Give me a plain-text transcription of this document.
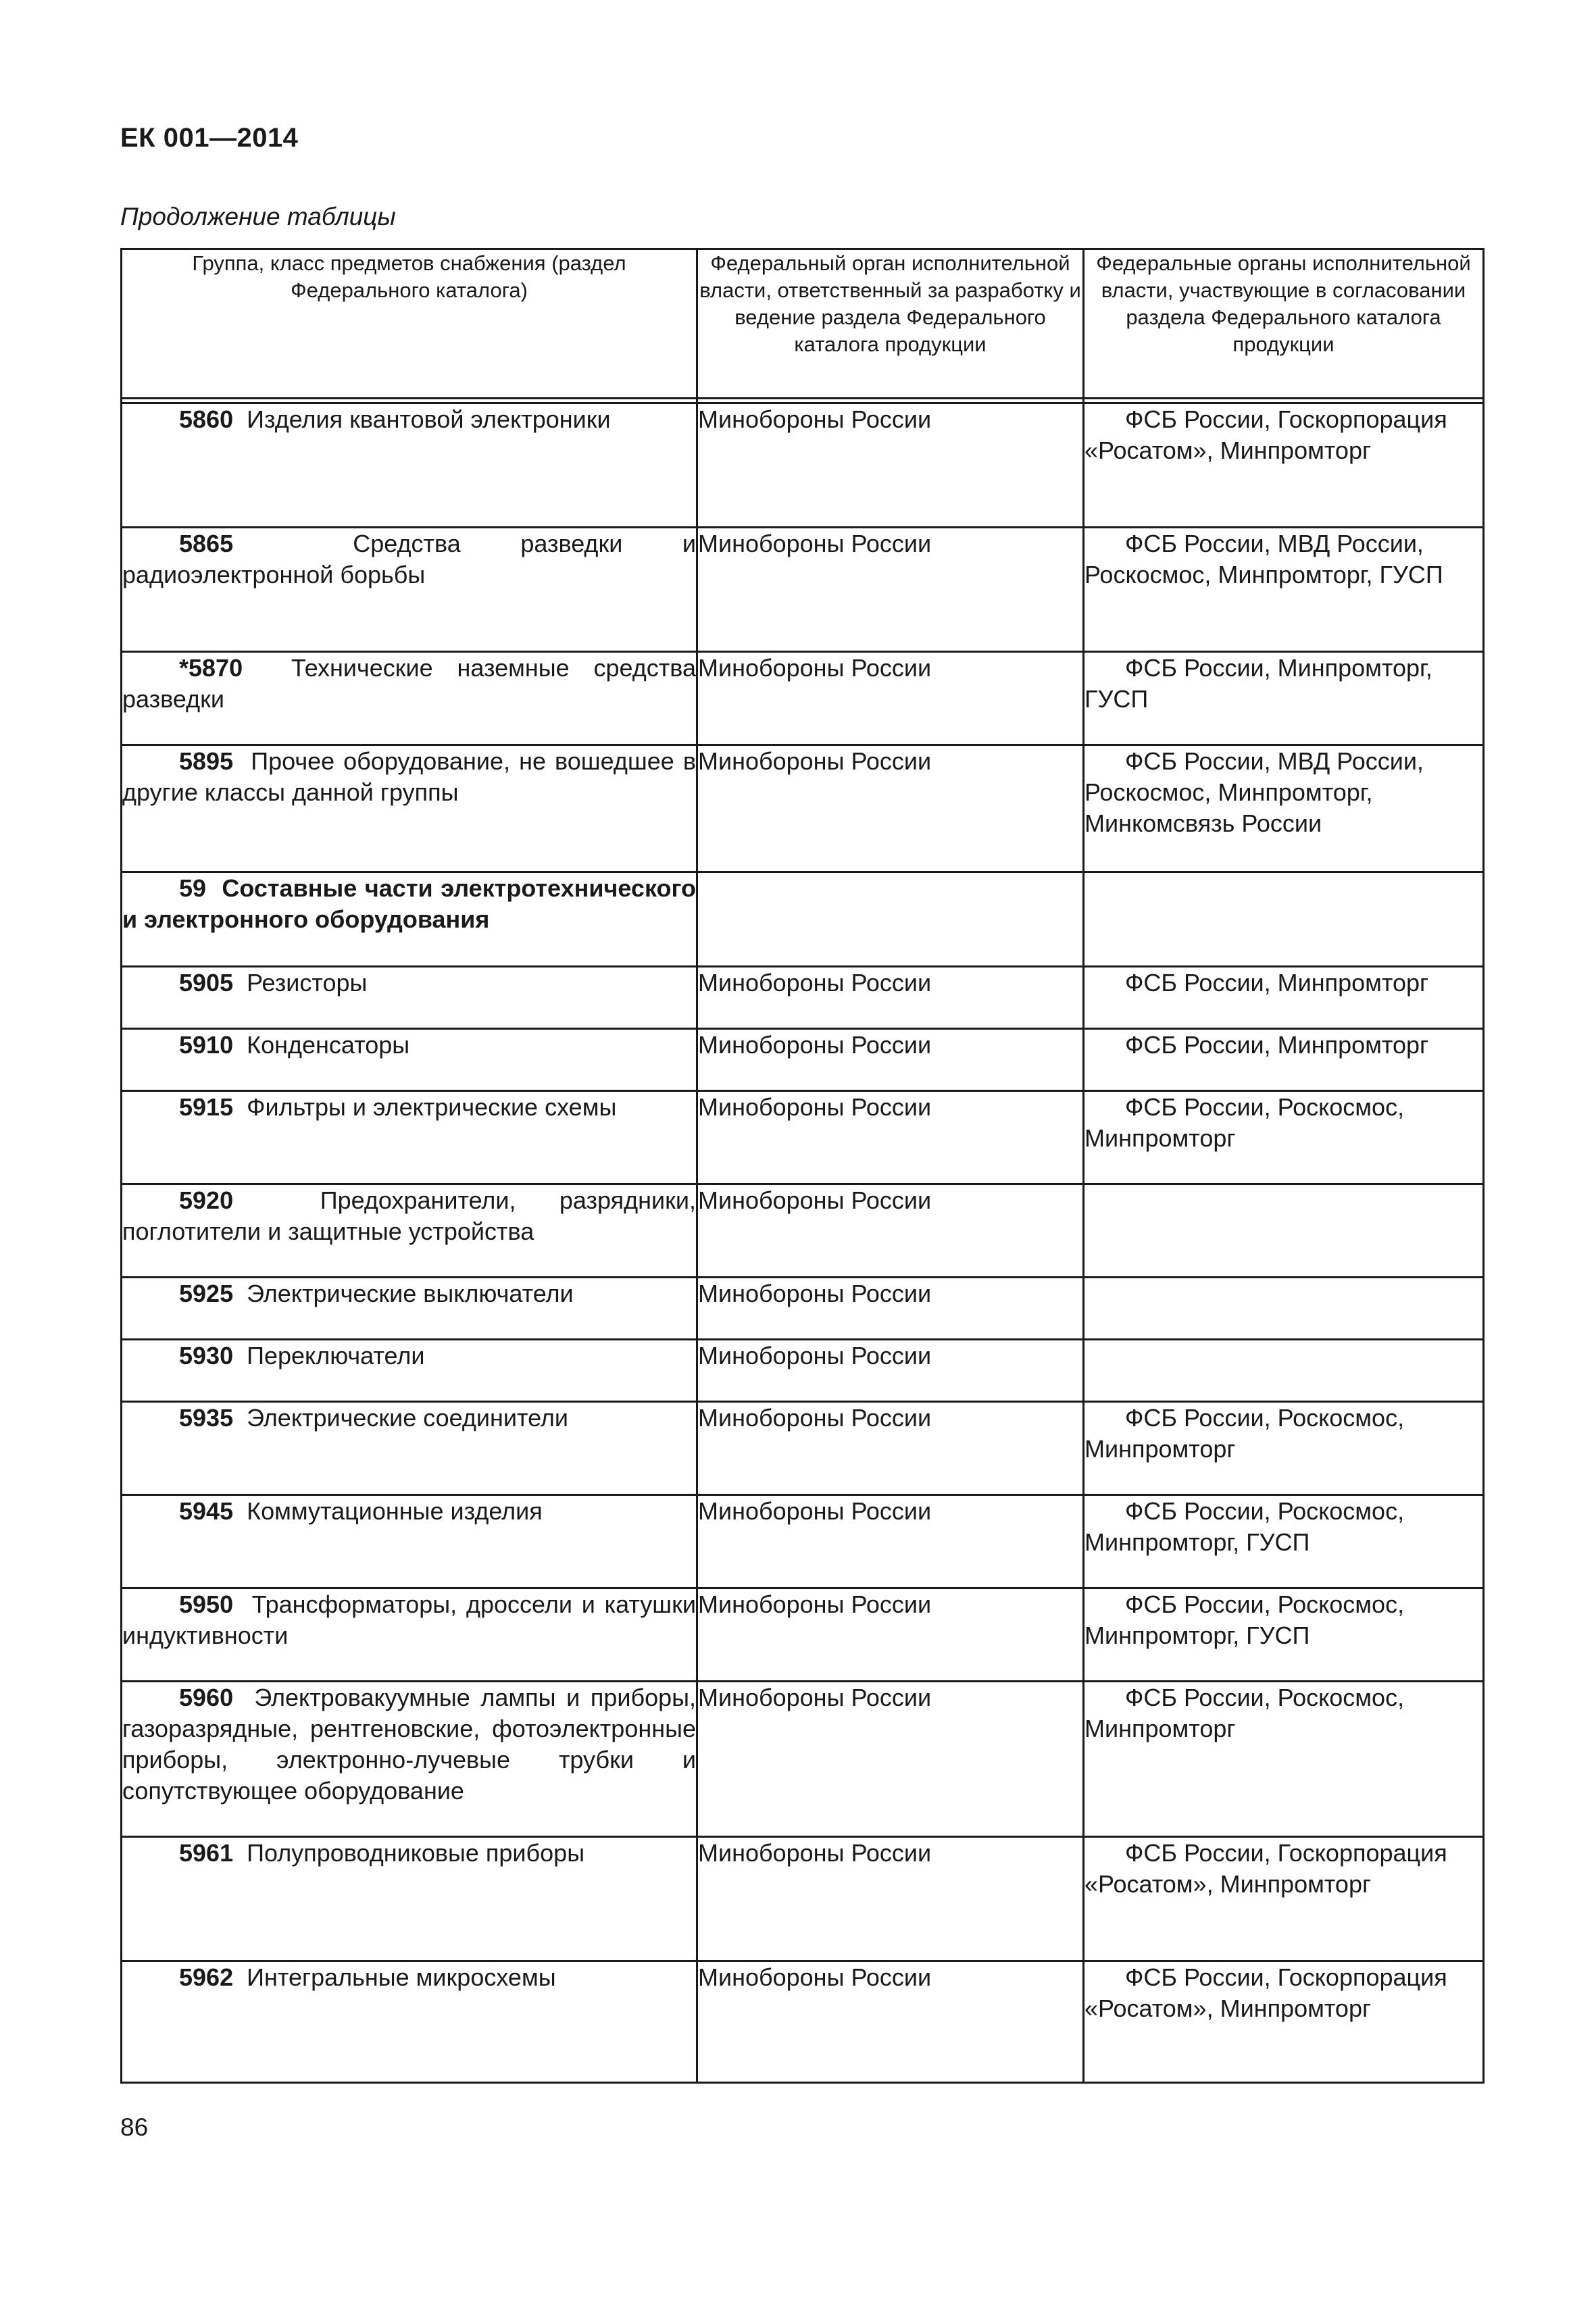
ЕК 001—2014
Продолжение таблицы
Группа, класс предметов снабжения (раздел Федерального каталога)	Федеральный орган исполнительной власти, ответственный за разработку и ведение раздела Федерального каталога продукции	Федеральные органы исполнительной власти, участвующие в согласовании раздела Федерального каталога продукции

5860 Изделия квантовой электроники	Минобороны России	ФСБ России, Госкорпорация «Росатом», Минпромторг

5865 Средства разведки и радиоэлектронной борьбы	Минобороны России	ФСБ России, МВД России, Роскосмос, Минпромторг, ГУСП

*5870 Технические наземные средства разведки	Минобороны России	ФСБ России, Минпромторг, ГУСП

5895 Прочее оборудование, не вошедшее в другие классы данной группы	Минобороны России	ФСБ России, МВД России, Роскосмос, Минпромторг, Минкомсвязь России

59 Составные части электротехнического и электронного оборудования		

5905 Резисторы	Минобороны России	ФСБ России, Минпромторг

5910 Конденсаторы	Минобороны России	ФСБ России, Минпромторг

5915 Фильтры и электрические схемы	Минобороны России	ФСБ России, Роскосмос, Минпромторг

5920 Предохранители, разрядники, поглотители и защитные устройства	Минобороны России	

5925 Электрические выключатели	Минобороны России	

5930 Переключатели	Минобороны России	

5935 Электрические соединители	Минобороны России	ФСБ России, Роскосмос, Минпромторг

5945 Коммутационные изделия	Минобороны России	ФСБ России, Роскосмос, Минпромторг, ГУСП

5950 Трансформаторы, дроссели и катушки индуктивности	Минобороны России	ФСБ России, Роскосмос, Минпромторг, ГУСП

5960 Электровакуумные лампы и приборы, газоразрядные, рентгеновские, фотоэлектронные приборы, электронно-лучевые трубки и сопутствующее оборудование	Минобороны России	ФСБ России, Роскосмос, Минпромторг

5961 Полупроводниковые приборы	Минобороны России	ФСБ России, Госкорпорация «Росатом», Минпромторг

5962 Интегральные микросхемы	Минобороны России	ФСБ России, Госкорпорация «Росатом», Минпромторг
86
